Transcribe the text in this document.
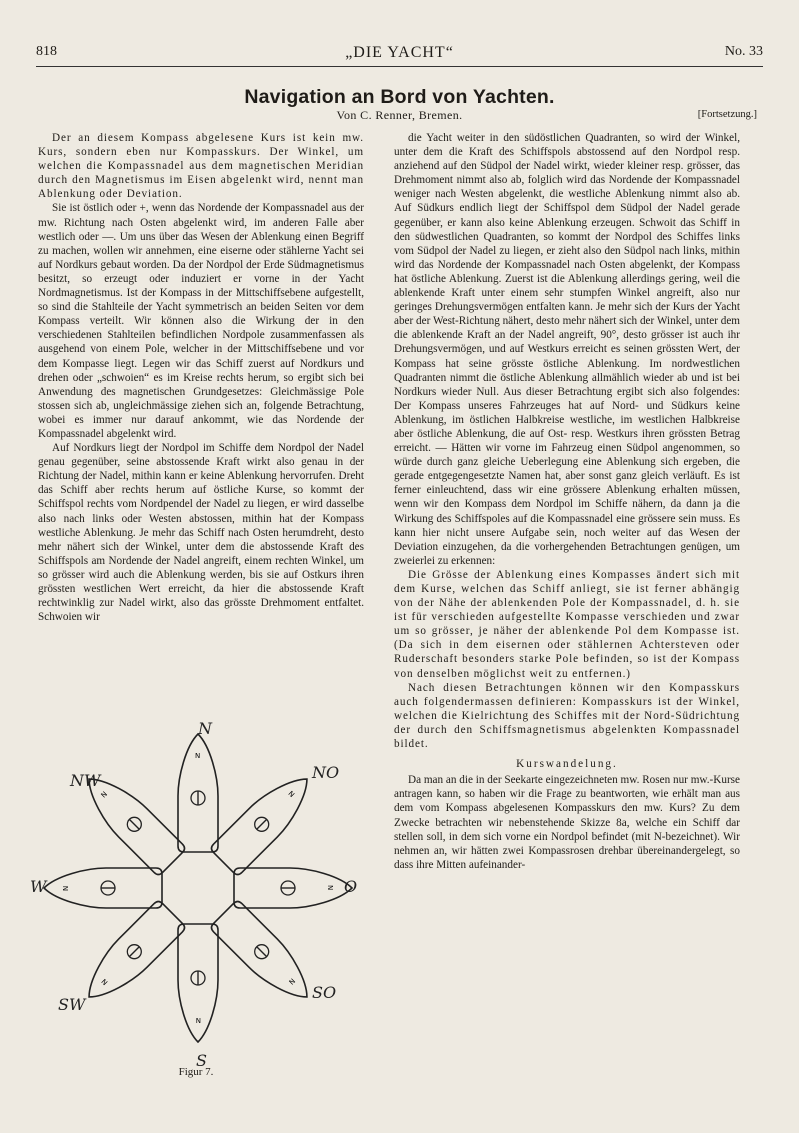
818	„DIE YACHT“	No. 33
Navigation an Bord von Yachten.
Von C. Renner, Bremen.	[Fortsetzung.]

Der an diesem Kompass abgelesene Kurs ist kein mw. Kurs, sondern eben nur Kompasskurs. Der Winkel, um welchen die Kompassnadel aus dem magnetischen Meridian durch den Magnetismus im Eisen abgelenkt wird, nennt man Ablenkung oder Deviation.

Sie ist östlich oder +, wenn das Nordende der Kompassnadel aus der mw. Richtung nach Osten abgelenkt wird, im anderen Falle aber westlich oder —. Um uns über das Wesen der Ablenkung einen Begriff zu machen, wollen wir annehmen, eine eiserne oder stählerne Yacht sei auf Nordkurs gebaut worden. Da der Nordpol der Erde Südmagnetismus besitzt, so erzeugt oder induziert er vorne in der Yacht Nordmagnetismus. Ist der Kompass in der Mittschiffsebene aufgestellt, so sind die Stahlteile der Yacht symmetrisch an beiden Seiten vor dem Kompass verteilt. Wir können also die Wirkung der in den verschiedenen Stahlteilen befindlichen Nordpole zusammenfassen als ausgehend von einem Pole, welcher in der Mittschiffsebene und vor dem Kompasse liegt. Legen wir das Schiff zuerst auf Nordkurs und drehen oder „schwoien“ es im Kreise rechts herum, so ergibt sich bei Anwendung des magnetischen Grundgesetzes: Gleichmässige Pole stossen sich ab, ungleichmässige ziehen sich an, folgende Betrachtung, wobei es immer nur darauf ankommt, wie das Nordende der Kompassnadel abgelenkt wird.

Auf Nordkurs liegt der Nordpol im Schiffe dem Nordpol der Nadel genau gegenüber, seine abstossende Kraft wirkt also genau in der Richtung der Nadel, mithin kann er keine Ablenkung hervorrufen. Dreht das Schiff aber rechts herum auf östliche Kurse, so kommt der Schiffspol rechts vom Nordpendel der Nadel zu liegen, er wird dasselbe also nach links oder Westen abstossen, mithin hat der Kompass westliche Ablenkung. Je mehr das Schiff nach Osten herumdreht, desto mehr nähert sich der Winkel, unter dem die abstossende Kraft des Schiffspols am Nordende der Nadel angreift, einem rechten Winkel, um so grösser wird auch die Ablenkung werden, bis sie auf Ostkurs ihren grössten westlichen Wert erreicht, da hier die abstossende Kraft rechtwinklig zur Nadel wirkt, also das grösste Drehmoment entfaltet. Schwoien wir

die Yacht weiter in den südöstlichen Quadranten, so wird der Winkel, unter dem die Kraft des Schiffspols abstossend auf den Nordpol resp. anziehend auf den Südpol der Nadel wirkt, wieder kleiner resp. grösser, das Drehmoment nimmt also ab, folglich wird das Nordende der Kompassnadel weniger nach Westen abgelenkt, die westliche Ablenkung nimmt also ab. Auf Südkurs endlich liegt der Schiffspol dem Südpol der Nadel gerade gegenüber, er kann also keine Ablenkung erzeugen. Schwoit das Schiff in den südwestlichen Quadranten, so kommt der Nordpol des Schiffes links vom Südpol der Nadel zu liegen, er zieht also den Südpol nach links, mithin wird das Nordende der Kompassnadel nach Osten abgelenkt, der Kompass hat östliche Ablenkung. Zuerst ist die Ablenkung allerdings gering, weil die ablenkende Kraft unter einem sehr stumpfen Winkel angreift, also nur geringes Drehungsvermögen entfalten kann. Je mehr sich der Kurs der Yacht aber der West-Richtung nähert, desto mehr nähert sich der Winkel, unter dem die ablenkende Kraft an der Nadel angreift, 90°, desto grösser ist auch ihr Drehungsvermögen, und auf Westkurs erreicht es seinen grössten Wert, der Kompass hat seine grösste östliche Ablenkung. Im nordwestlichen Quadranten nimmt die östliche Ablenkung allmählich wieder ab und ist bei Nordkurs wieder Null. Aus dieser Betrachtung ergibt sich also folgendes: Der Kompass unseres Fahrzeuges hat auf Nord- und Südkurs keine Ablenkung, im östlichen Halbkreise westliche, im westlichen Halbkreise aber östliche Ablenkung, die auf Ost- resp. Westkurs ihren grössten Betrag erreicht. — Hätten wir vorne im Fahrzeug einen Südpol angenommen, so würde durch ganz gleiche Ueberlegung eine Ablenkung sich ergeben, die gerade entgegengesetzte Namen hat, aber sonst ganz gleich verläuft. Es ist ferner einleuchtend, dass wir eine grössere Ablenkung erhalten müssen, wenn wir den Kompass dem Nordpol im Schiffe nähern, da dann ja die Wirkung des Schiffspoles auf die Kompassnadel eine grössere sein muss. Es kann hier nicht unsere Aufgabe sein, noch weiter auf das Wesen der Deviation einzugehen, da die vorhergehenden Betrachtungen genügen, um zweierlei zu erkennen:

Die Grösse der Ablenkung eines Kompasses ändert sich mit dem Kurse, welchen das Schiff anliegt, sie ist ferner abhängig von der Nähe der ablenkenden Pole der Kompassnadel, d. h. sie ist für verschieden aufgestellte Kompasse verschieden und zwar um so grösser, je näher der ablenkende Pol dem Kompasse ist. (Da sich in dem eisernen oder stählernen Achtersteven oder Ruderschaft besonders starke Pole befinden, so ist der Kompass von denselben möglichst weit zu entfernen.)

Nach diesen Betrachtungen können wir den Kompasskurs auch folgendermassen definieren: Kompasskurs ist der Winkel, welchen die Kielrichtung des Schiffes mit der Nord-Südrichtung der durch den Schiffsmagnetismus abgelenkten Kompassnadel bildet.

Kurswandelung.

Da man an die in der Seekarte eingezeichneten mw. Rosen nur mw.-Kurse antragen kann, so haben wir die Frage zu beantworten, wie erhält man aus dem vom Kompass abgelesenen Kompasskurs den mw. Kurs? Zu dem Zwecke betrachten wir nebenstehende Skizze 8a, welche ein Schiff dar stellen soll, in dem sich vorne ein Nordpol befindet (mit N-bezeichnet). Wir nehmen an, wir hätten zwei Kompassrosen drehbar übereinandergelegt, so dass ihre Mitten aufeinander-

N
N
N
N
N
N
N
N
N
NO
O
SO
S
SW
W
NW
Figur 7.
